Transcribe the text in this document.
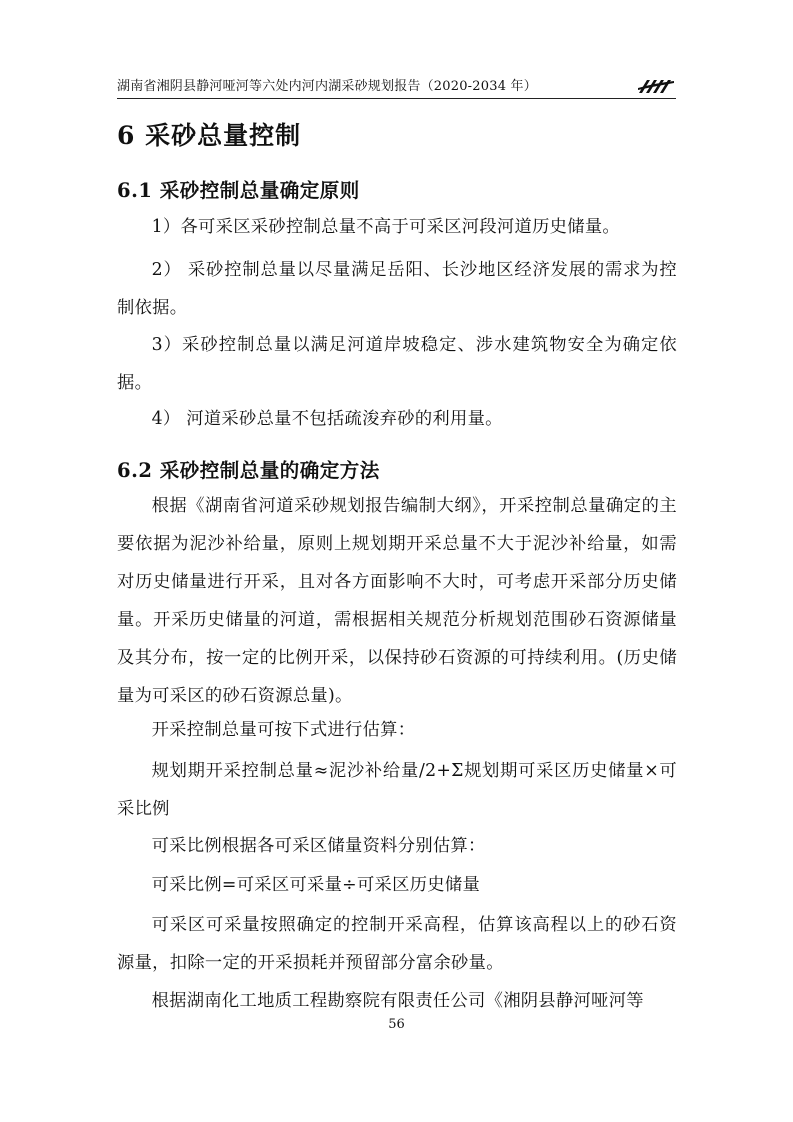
湖南省湘阴县静河哑河等六处内河内湖采砂规划报告（2020-2034 年）
6 采砂总量控制
6.1 采砂控制总量确定原则

1）各可采区采砂控制总量不高于可采区河段河道历史储量。

2） 采砂控制总量以尽量满足岳阳、长沙地区经济发展的需求为控制依据。

3）采砂控制总量以满足河道岸坡稳定、涉水建筑物安全为确定依据。

4） 河道采砂总量不包括疏浚弃砂的利用量。

6.2 采砂控制总量的确定方法

根据《湖南省河道采砂规划报告编制大纲》，开采控制总量确定的主要依据为泥沙补给量，原则上规划期开采总量不大于泥沙补给量，如需对历史储量进行开采，且对各方面影响不大时，可考虑开采部分历史储量。开采历史储量的河道，需根据相关规范分析规划范围砂石资源储量及其分布，按一定的比例开采，以保持砂石资源的可持续利用。(历史储量为可采区的砂石资源总量)。

开采控制总量可按下式进行估算：

规划期开采控制总量≈泥沙补给量/2+Σ规划期可采区历史储量×可采比例

可采比例根据各可采区储量资料分别估算：

可采比例=可采区可采量÷可采区历史储量

可采区可采量按照确定的控制开采高程，估算该高程以上的砂石资源量，扣除一定的开采损耗并预留部分富余砂量。

根据湖南化工地质工程勘察院有限责任公司《湘阴县静河哑河等

56
